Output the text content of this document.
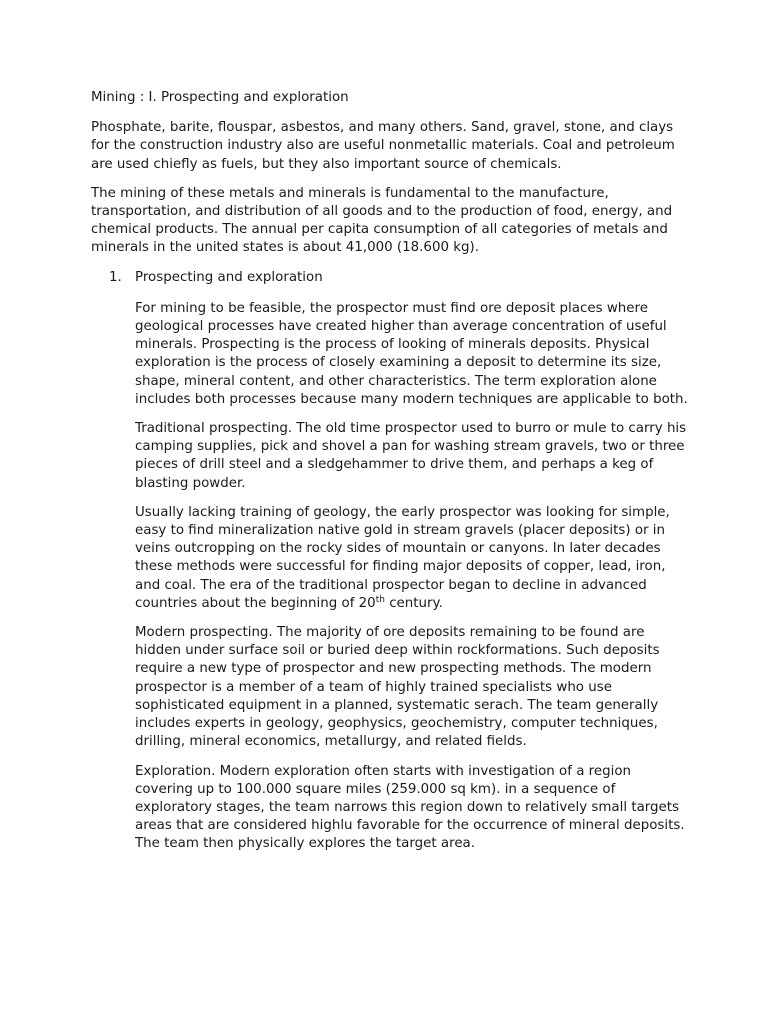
Mining : I. Prospecting and exploration

Phosphate, barite, flouspar, asbestos, and many others. Sand, gravel, stone, and clays for the construction industry also are useful nonmetallic materials. Coal and petroleum are used chiefly as fuels, but they also important source of chemicals.

The mining of these metals and minerals is fundamental to the manufacture, transportation, and distribution of all goods and to the production of food, energy, and chemical products. The annual per capita consumption of all categories of metals and minerals in the united states is about 41,000 (18.600 kg).

1. Prospecting and exploration

For mining to be feasible, the prospector must find ore deposit places where geological processes have created higher than average concentration of useful minerals. Prospecting is the process of looking of minerals deposits. Physical exploration is the process of closely examining a deposit to determine its size, shape, mineral content, and other characteristics. The term exploration alone includes both processes because many modern techniques are applicable to both.

Traditional prospecting. The old time prospector used to burro or mule to carry his camping supplies, pick and shovel a pan for washing stream gravels, two or three pieces of drill steel and a sledgehammer to drive them, and perhaps a keg of blasting powder.

Usually lacking training of geology, the early prospector was looking for simple, easy to find mineralization native gold in stream gravels (placer deposits) or in veins outcropping on the rocky sides of mountain or canyons. In later decades these methods were successful for finding major deposits of copper, lead, iron, and coal. The era of the traditional prospector began to decline in advanced countries about the beginning of 20th century.

Modern prospecting. The majority of ore deposits remaining to be found are hidden under surface soil or buried deep within rockformations. Such deposits require a new type of prospector and new prospecting methods. The modern prospector is a member of a team of highly trained specialists who use sophisticated equipment in a planned, systematic serach. The team generally includes experts in geology, geophysics, geochemistry, computer techniques, drilling, mineral economics, metallurgy, and related fields.

Exploration. Modern exploration often starts with investigation of a region covering up to 100.000 square miles (259.000 sq km). in a sequence of exploratory stages, the team narrows this region down to relatively small targets areas that are considered highlu favorable for the occurrence of mineral deposits. The team then physically explores the target area.
